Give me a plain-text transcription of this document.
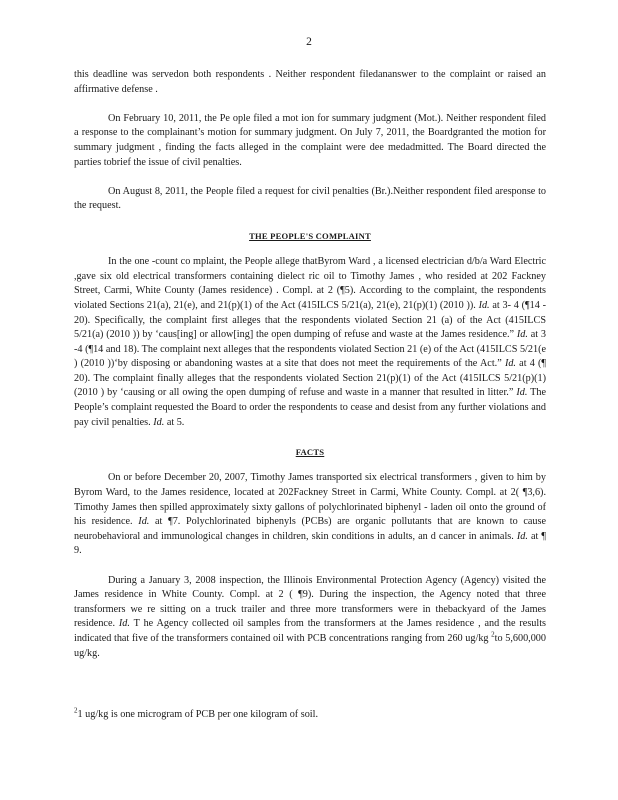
2

this deadline was servedon both respondents . Neither respondent filedananswer to the complaint or raised an affirmative defense .

On February 10, 2011, the Pe ople filed a mot ion for summary judgment (Mot.). Neither respondent filed a response to the complainant’s motion for summary judgment. On July 7, 2011, the Boardgranted the motion for summary judgment , finding the facts alleged in the complaint were dee medadmitted. The Board directed the parties tobrief the issue of civil penalties.

On August 8, 2011, the People filed a request for civil penalties (Br.).Neither respondent filed aresponse to the request.

THE PEOPLE'S COMPLAINT

In the one -count co mplaint, the People allege thatByrom Ward , a licensed electrician d/b/a Ward Electric ,gave six old electrical transformers containing dielect ric oil to Timothy James , who resided at 202 Fackney Street, Carmi, White County (James residence) . Compl. at 2 (¶5). According to the complaint, the respondents violated Sections 21(a), 21(e), and 21(p)(1) of the Act (415ILCS 5/21(a), 21(e), 21(p)(1) (2010 )). Id. at 3- 4 (¶14 - 20). Specifically, the complaint first alleges that the respondents violated Section 21 (a) of the Act (415ILCS 5/21(a) (2010 )) by ‘caus[ing] or allow[ing] the open dumping of refuse and waste at the James residence.” Id. at 3 -4 (¶14 and 18). The complaint next alleges that the respondents violated Section 21 (e) of the Act (415ILCS 5/21(e ) (2010 ))‘by disposing or abandoning wastes at a site that does not meet the requirements of the Act.” Id. at 4 (¶ 20). The complaint finally alleges that the respondents violated Section 21(p)(1) of the Act (415ILCS 5/21(p)(1) (2010 ) by ‘causing or all owing the open dumping of refuse and waste in a manner that resulted in litter.” Id. The People’s complaint requested the Board to order the respondents to cease and desist from any further violations and pay civil penalties. Id. at 5.

FACTS

On or before December 20, 2007, Timothy James transported six electrical transformers , given to him by Byrom Ward, to the James residence, located at 202Fackney Street in Carmi, White County. Compl. at 2( ¶3,6). Timothy James then spilled approximately sixty gallons of polychlorinated biphenyl - laden oil onto the ground of his residence. Id. at ¶7. Polychlorinated biphenyls (PCBs) are organic pollutants that are known to cause neurobehavioral and immunological changes in children, skin conditions in adults, an d cancer in animals. Id. at ¶ 9.

During a January 3, 2008 inspection, the Illinois Environmental Protection Agency (Agency) visited the James residence in White County. Compl. at 2 ( ¶9). During the inspection, the Agency noted that three transformers we re sitting on a truck trailer and three more transformers were in thebackyard of the James residence. Id. T he Agency collected oil samples from the transformers at the James residence , and the results indicated that five of the transformers contained oil with PCB concentrations ranging from 260 ug/kg $^2$to 5,600,000 ug/kg.

$^2$1 ug/kg is one microgram of PCB per one kilogram of soil.
